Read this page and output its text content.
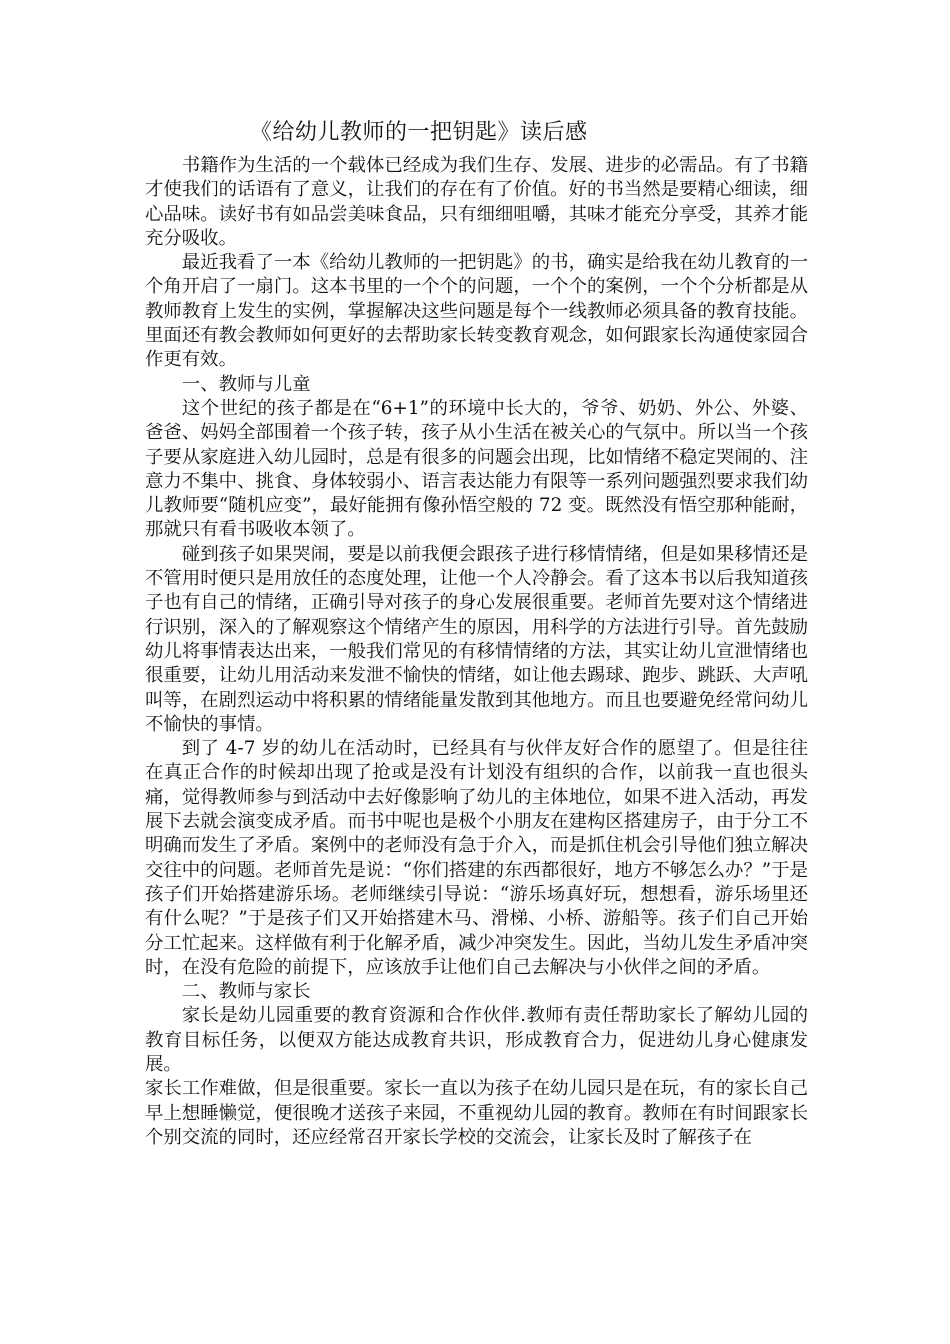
《给幼儿教师的一把钥匙》读后感

书籍作为生活的一个载体已经成为我们生存、发展、进步的必需品。有了书籍才使我们的话语有了意义，让我们的存在有了价值。好的书当然是要精心细读，细心品味。读好书有如品尝美味食品，只有细细咀嚼，其味才能充分享受，其养才能充分吸收。

最近我看了一本《给幼儿教师的一把钥匙》的书，确实是给我在幼儿教育的一个角开启了一扇门。这本书里的一个个的问题，一个个的案例，一个个分析都是从教师教育上发生的实例，掌握解决这些问题是每个一线教师必须具备的教育技能。里面还有教会教师如何更好的去帮助家长转变教育观念，如何跟家长沟通使家园合作更有效。

一、教师与儿童

这个世纪的孩子都是在“6+1”的环境中长大的，爷爷、奶奶、外公、外婆、爸爸、妈妈全部围着一个孩子转，孩子从小生活在被关心的气氛中。所以当一个孩子要从家庭进入幼儿园时，总是有很多的问题会出现，比如情绪不稳定哭闹的、注意力不集中、挑食、身体较弱小、语言表达能力有限等一系列问题强烈要求我们幼儿教师要“随机应变”，最好能拥有像孙悟空般的 72 变。既然没有悟空那种能耐，那就只有看书吸收本领了。

碰到孩子如果哭闹，要是以前我便会跟孩子进行移情情绪，但是如果移情还是不管用时便只是用放任的态度处理，让他一个人冷静会。看了这本书以后我知道孩子也有自己的情绪，正确引导对孩子的身心发展很重要。老师首先要对这个情绪进行识别，深入的了解观察这个情绪产生的原因，用科学的方法进行引导。首先鼓励幼儿将事情表达出来，一般我们常见的有移情情绪的方法，其实让幼儿宣泄情绪也很重要，让幼儿用活动来发泄不愉快的情绪，如让他去踢球、跑步、跳跃、大声吼叫等，在剧烈运动中将积累的情绪能量发散到其他地方。而且也要避免经常问幼儿不愉快的事情。

到了 4-7 岁的幼儿在活动时，已经具有与伙伴友好合作的愿望了。但是往往在真正合作的时候却出现了抢或是没有计划没有组织的合作，以前我一直也很头痛，觉得教师参与到活动中去好像影响了幼儿的主体地位，如果不进入活动，再发展下去就会演变成矛盾。而书中呢也是极个小朋友在建构区搭建房子，由于分工不明确而发生了矛盾。案例中的老师没有急于介入，而是抓住机会引导他们独立解决交往中的问题。老师首先是说：“你们搭建的东西都很好，地方不够怎么办？”于是孩子们开始搭建游乐场。老师继续引导说：“游乐场真好玩，想想看，游乐场里还有什么呢？”于是孩子们又开始搭建木马、滑梯、小桥、游船等。孩子们自己开始分工忙起来。这样做有利于化解矛盾，减少冲突发生。因此，当幼儿发生矛盾冲突时，在没有危险的前提下，应该放手让他们自己去解决与小伙伴之间的矛盾。

二、教师与家长

家长是幼儿园重要的教育资源和合作伙伴.教师有责任帮助家长了解幼儿园的教育目标任务，以便双方能达成教育共识，形成教育合力，促进幼儿身心健康发展。

家长工作难做，但是很重要。家长一直以为孩子在幼儿园只是在玩，有的家长自己早上想睡懒觉，便很晚才送孩子来园，不重视幼儿园的教育。教师在有时间跟家长个别交流的同时，还应经常召开家长学校的交流会，让家长及时了解孩子在
